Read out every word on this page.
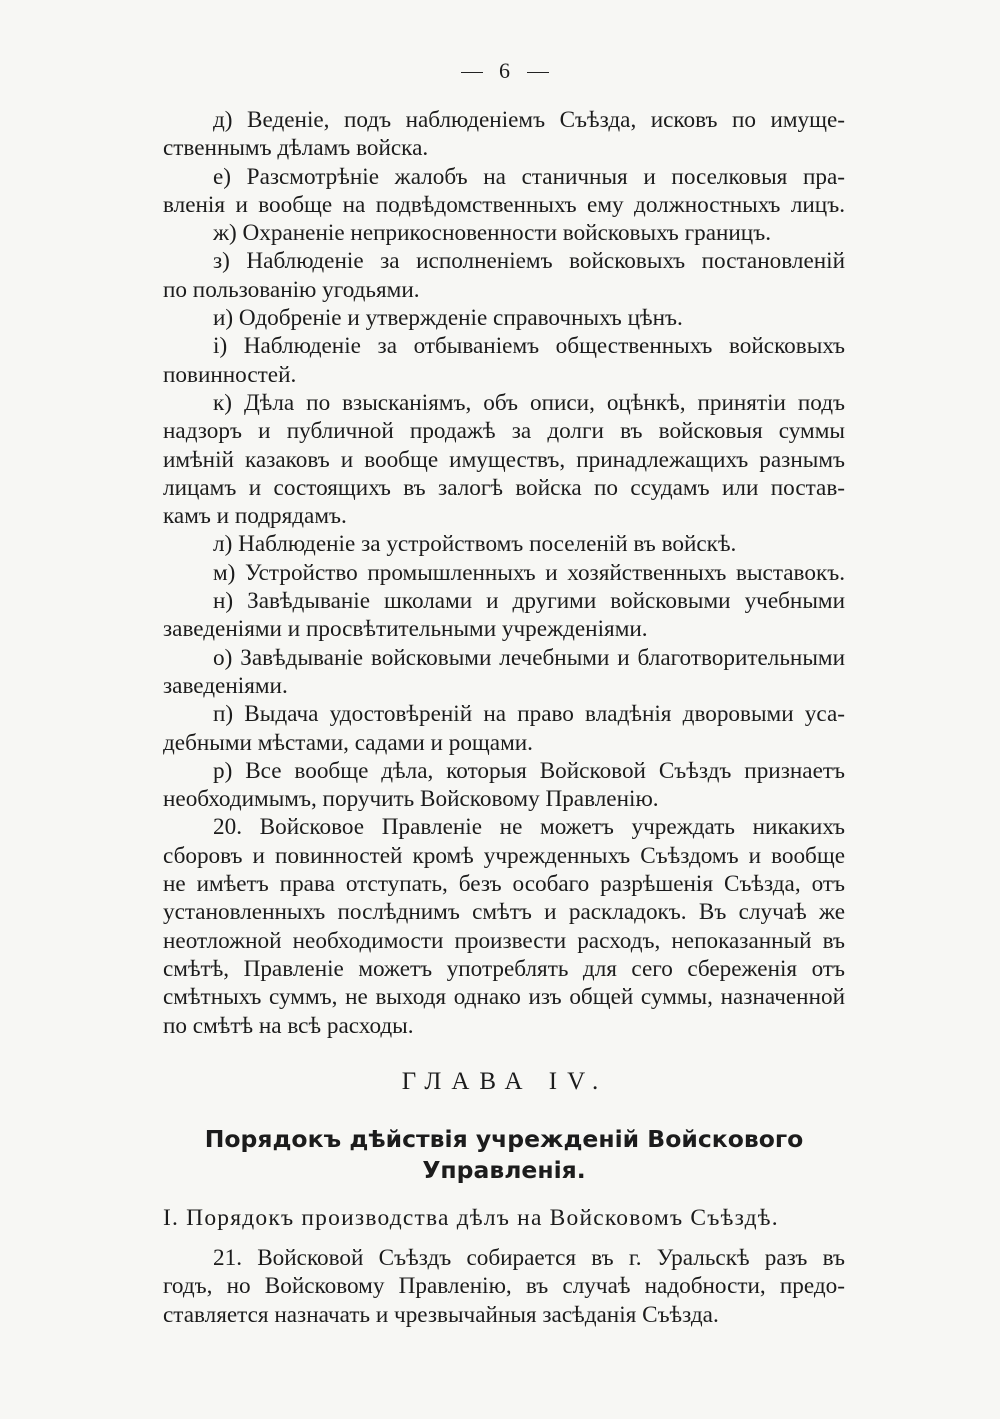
6
д) Веденіе, подъ наблюденіемъ Съѣзда, исковъ по имуще-
ственнымъ дѣламъ войска.
е) Разсмотрѣніе жалобъ на станичныя и поселковыя пра-
вленія и вообще на подвѣдомственныхъ ему должностныхъ лицъ.
ж) Охраненіе неприкосновенности войсковыхъ границъ.
з) Наблюденіе за исполненіемъ войсковыхъ постановленій
по пользованію угодьями.
и) Одобреніе и утвержденіе справочныхъ цѣнъ.
і) Наблюденіе за отбываніемъ общественныхъ войсковыхъ
повинностей.
к) Дѣла по взысканіямъ, объ описи, оцѣнкѣ, принятіи подъ
надзоръ и публичной продажѣ за долги въ войсковыя суммы
имѣній казаковъ и вообще имуществъ, принадлежащихъ разнымъ
лицамъ и состоящихъ въ залогѣ войска по ссудамъ или постав-
камъ и подрядамъ.
л) Наблюденіе за устройствомъ поселеній въ войскѣ.
м) Устройство промышленныхъ и хозяйственныхъ выставокъ.
н) Завѣдываніе школами и другими войсковыми учебными
заведеніями и просвѣтительными учрежденіями.
о) Завѣдываніе войсковыми лечебными и благотворительными
заведеніями.
п) Выдача удостовѣреній на право владѣнія дворовыми уса-
дебными мѣстами, садами и рощами.
р) Все вообще дѣла, которыя Войсковой Съѣздъ признаетъ
необходимымъ, поручить Войсковому Правленію.
20. Войсковое Правленіе не можетъ учреждать никакихъ
сборовъ и повинностей кромѣ учрежденныхъ Съѣздомъ и вообще
не имѣетъ права отступать, безъ особаго разрѣшенія Съѣзда, отъ
установленныхъ послѣднимъ смѣтъ и раскладокъ. Въ случаѣ же
неотложной необходимости произвести расходъ, непоказанный въ
смѣтѣ, Правленіе можетъ употреблять для сего сбереженія отъ
смѣтныхъ суммъ, не выходя однако изъ общей суммы, назначенной
по смѣтѣ на всѣ расходы.
ГЛАВА IV.
Порядокъ дѣйствія учрежденій Войскового
Управленія.
I. Порядокъ производства дѣлъ на Войсковомъ Съѣздѣ.
21. Войсковой Съѣздъ собирается въ г. Уральскѣ разъ въ
годъ, но Войсковому Правленію, въ случаѣ надобности, предо-
ставляется назначать и чрезвычайныя засѣданія Съѣзда.
